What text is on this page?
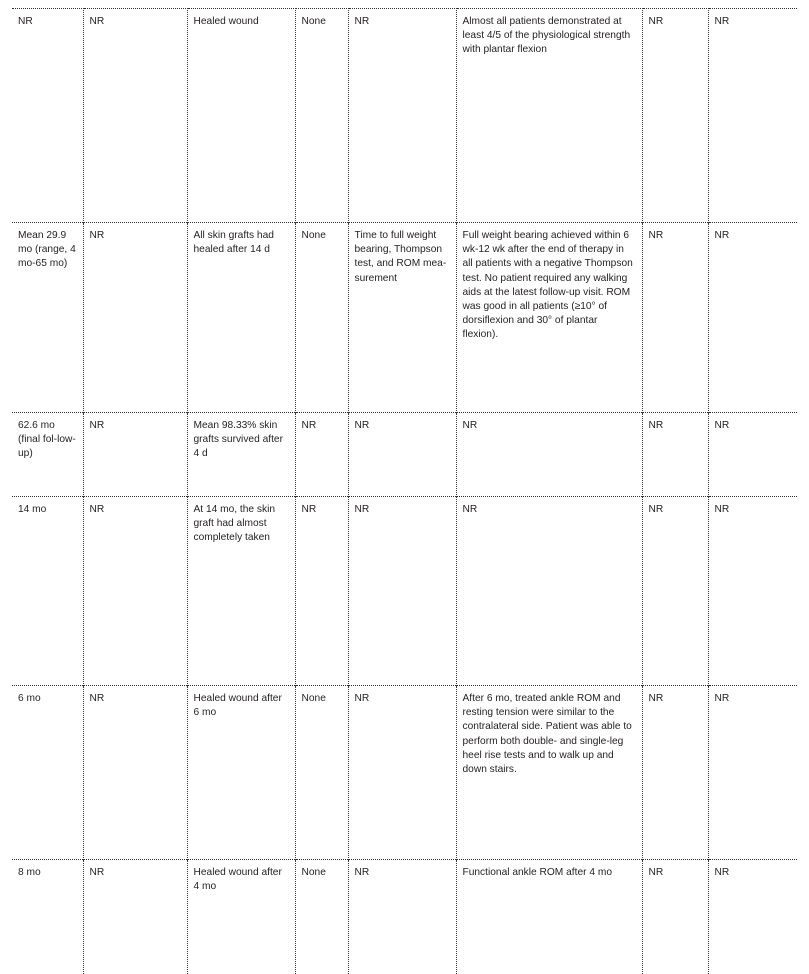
NR	NR	Healed wound	None	NR	Almost all patients demonstrated at least 4/5 of the physiological strength with plantar flexion	NR	NR

Mean 29.9 mo (range, 4 mo-65 mo)	NR	All skin grafts had healed after 14 d	None	Time to full weight bearing, Thompson test, and ROM mea-surement	Full weight bearing achieved within 6 wk-12 wk after the end of therapy in all patients with a negative Thompson test. No patient required any walking aids at the latest follow-up visit. ROM was good in all patients (≥10° of dorsiflexion and 30° of plantar flexion).	NR	NR

62.6 mo (final fol-low-up)	NR	Mean 98.33% skin grafts survived after 4 d	NR	NR	NR	NR	NR

14 mo	NR	At 14 mo, the skin graft had almost completely taken	NR	NR	NR	NR	NR

6 mo	NR	Healed wound after 6 mo	None	NR	After 6 mo, treated ankle ROM and resting tension were similar to the contralateral side. Patient was able to perform both double- and single-leg heel rise tests and to walk up and down stairs.	NR	NR

8 mo	NR	Healed wound after 4 mo	None	NR	Functional ankle ROM after 4 mo	NR	NR
